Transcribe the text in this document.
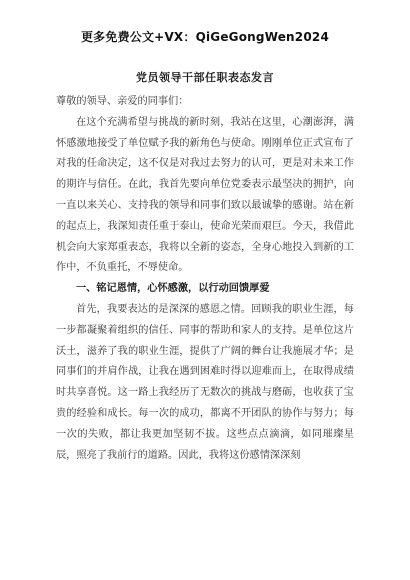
更多免费公文+VX：QiGeGongWen2024
党员领导干部任职表态发言

尊敬的领导、亲爱的同事们：

在这个充满希望与挑战的新时刻，我站在这里，心潮澎湃，满怀感激地接受了单位赋予我的新角色与使命。刚刚单位正式宣布了对我的任命决定，这不仅是对我过去努力的认可，更是对未来工作的期许与信任。在此，我首先要向单位党委表示最坚决的拥护，向一直以来关心、支持我的领导和同事们致以最诚挚的感谢。站在新的起点上，我深知责任重于泰山，使命光荣而艰巨。今天，我借此机会向大家郑重表态，我将以全新的姿态，全身心地投入到新的工作中，不负重托，不辱使命。

一、铭记恩情，心怀感激，以行动回馈厚爱

首先，我要表达的是深深的感恩之情。回顾我的职业生涯，每一步都凝聚着组织的信任、同事的帮助和家人的支持。是单位这片沃土，滋养了我的职业生涯，提供了广阔的舞台让我施展才华；是同事们的并肩作战，让我在遇到困难时得以迎难而上，在取得成绩时共享喜悦。这一路上我经历了无数次的挑战与磨砺，也收获了宝贵的经验和成长。每一次的成功，都离不开团队的协作与努力；每一次的失败，都让我更加坚韧不拔。这些点点滴滴，如同璀璨星辰，照亮了我前行的道路。因此，我将这份感情深深刻
